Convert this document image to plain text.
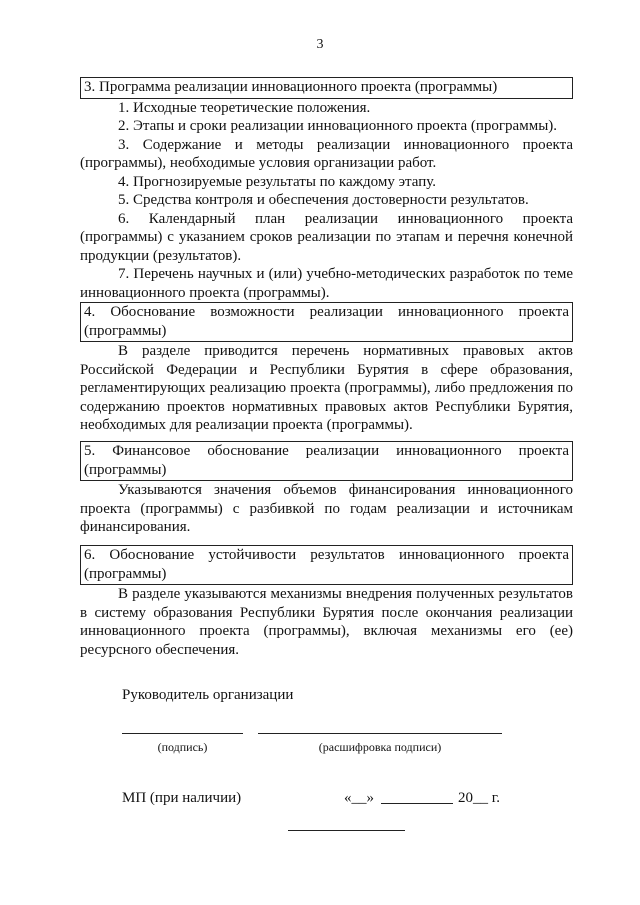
3
3. Программа реализации инновационного проекта (программы)

1. Исходные теоретические положения.

2. Этапы и сроки реализации инновационного проекта (программы).

3. Содержание и методы реализации инновационного проекта (программы), необходимые условия организации работ.

4. Прогнозируемые результаты по каждому этапу.

5. Средства контроля и обеспечения достоверности результатов.

6. Календарный план реализации инновационного проекта (программы) с указанием сроков реализации по этапам и перечня конечной продукции (результатов).

7. Перечень научных и (или) учебно-методических разработок по теме инновационного проекта (программы).

4. Обоснование возможности реализации инновационного проекта (программы)

В разделе приводится перечень нормативных правовых актов Российской Федерации и Республики Бурятия в сфере образования, регламентирующих реализацию проекта (программы), либо предложения по содержанию проектов нормативных правовых актов Республики Бурятия, необходимых для реализации проекта (программы).

5. Финансовое обоснование реализации инновационного проекта (программы)

Указываются значения объемов финансирования инновационного проекта (программы) с разбивкой по годам реализации и источникам финансирования.

6. Обоснование устойчивости результатов инновационного проекта (программы)

В разделе указываются механизмы внедрения полученных результатов в систему образования Республики Бурятия после окончания реализации инновационного проекта (программы), включая механизмы его (ее) ресурсного обеспечения.

Руководитель организации
(подпись)	(расшифровка подписи)
МП (при наличии)	«__»	20__ г.
